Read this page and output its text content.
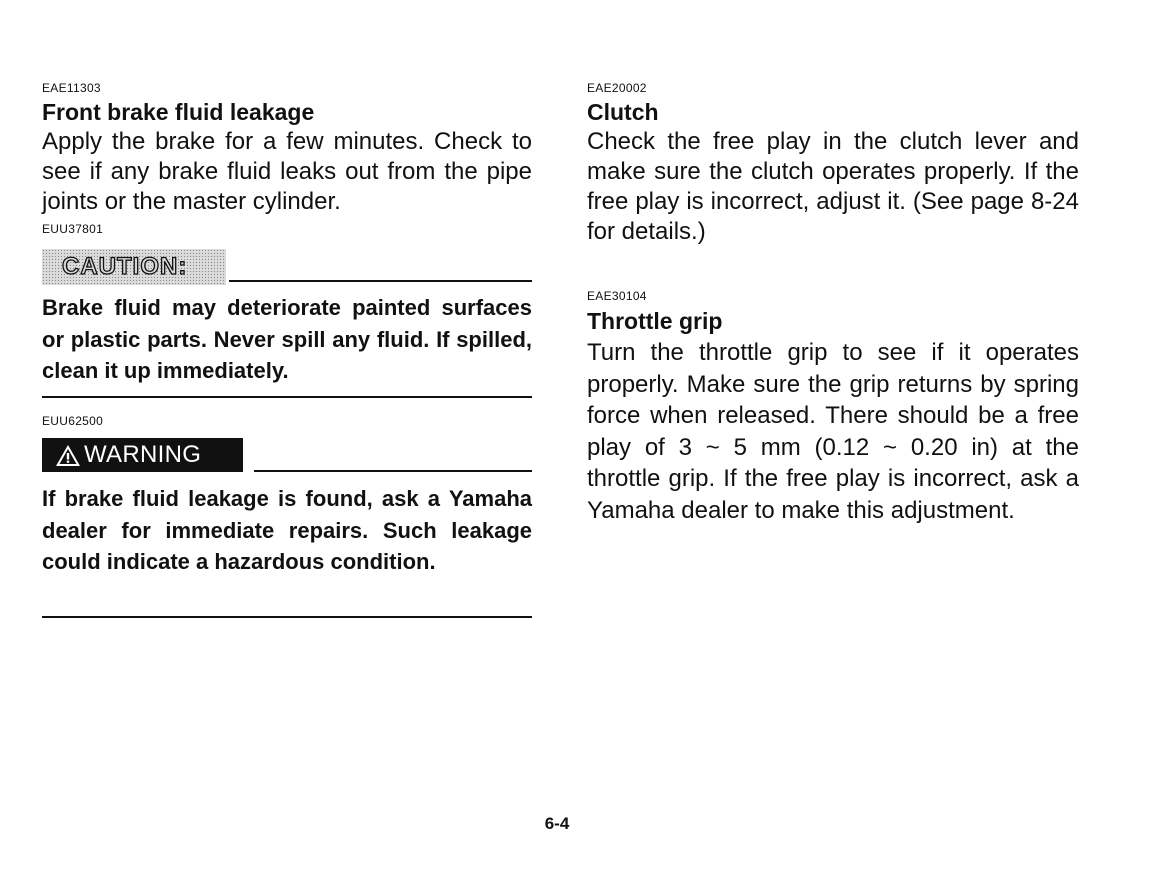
EAE11303
Front brake fluid leakage
Apply the brake for a few minutes. Check to see if any brake fluid leaks out from the pipe joints or the master cylinder.
EUU37801
CAUTION:
Brake fluid may deteriorate painted surfaces or plastic parts. Never spill any fluid. If spilled, clean it up immediately.
EUU62500
WARNING
If brake fluid leakage is found, ask a Yamaha dealer for immediate repairs. Such leakage could indicate a hazardous condition.
EAE20002
Clutch
Check the free play in the clutch lever and make sure the clutch operates properly. If the free play is incorrect, adjust it. (See page 8-24 for details.)
EAE30104
Throttle grip
Turn the throttle grip to see if it operates properly. Make sure the grip returns by spring force when released. There should be a free play of 3 ~ 5 mm (0.12 ~ 0.20 in) at the throttle grip. If the free play is incorrect, ask a Yamaha dealer to make this adjustment.
6-4
